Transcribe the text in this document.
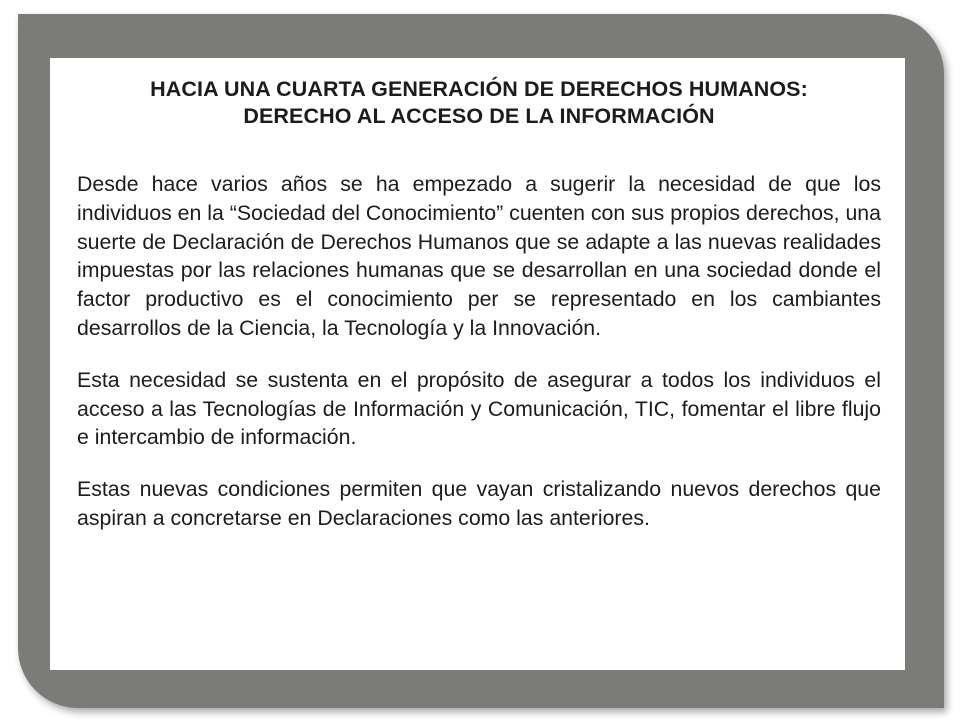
HACIA UNA CUARTA GENERACIÓN DE DERECHOS HUMANOS:
DERECHO AL ACCESO DE LA INFORMACIÓN

Desde hace varios años se ha empezado a sugerir la necesidad de que los individuos en la “Sociedad del Conocimiento” cuenten con sus propios derechos, una suerte de Declaración de Derechos Humanos que se adapte a las nuevas realidades impuestas por las relaciones humanas que se desarrollan en una sociedad donde el factor productivo es el conocimiento per se representado en los cambiantes desarrollos de la Ciencia, la Tecnología y la Innovación.

Esta necesidad se sustenta en el propósito de asegurar a todos los individuos el acceso a las Tecnologías de Información y Comunicación, TIC, fomentar el libre flujo e intercambio de información.

Estas nuevas condiciones permiten que vayan cristalizando nuevos derechos que aspiran a concretarse en Declaraciones como las anteriores.
